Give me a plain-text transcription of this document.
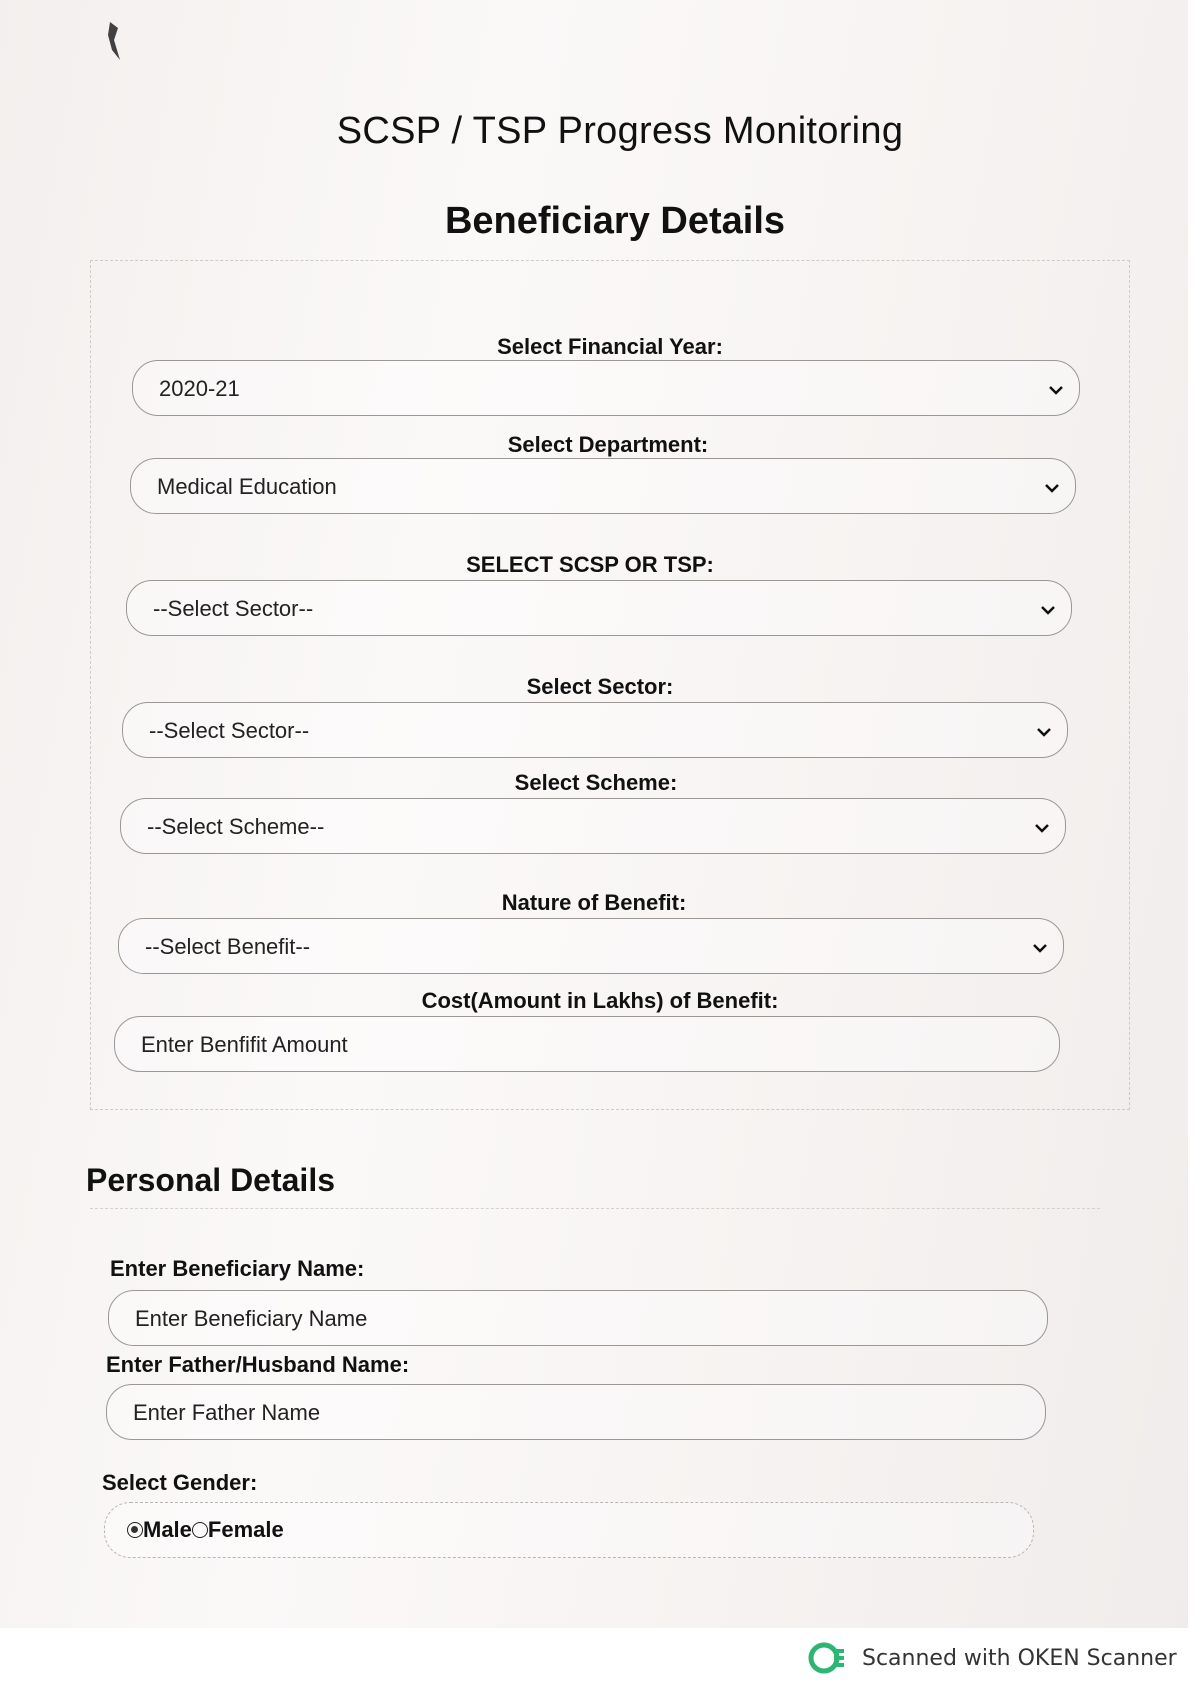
SCSP / TSP Progress Monitoring
Beneficiary Details
Select Financial Year:
2020-21
Select Department:
Medical Education
SELECT SCSP OR TSP:
--Select Sector--
Select Sector:
--Select Sector--
Select Scheme:
--Select Scheme--
Nature of Benefit:
--Select Benefit--
Cost(Amount in Lakhs) of Benefit:
Enter Benfifit Amount
Personal Details
Enter Beneficiary Name:
Enter Beneficiary Name
Enter Father/Husband Name:
Enter Father Name
Select Gender:
Male Female
Scanned with OKEN Scanner
